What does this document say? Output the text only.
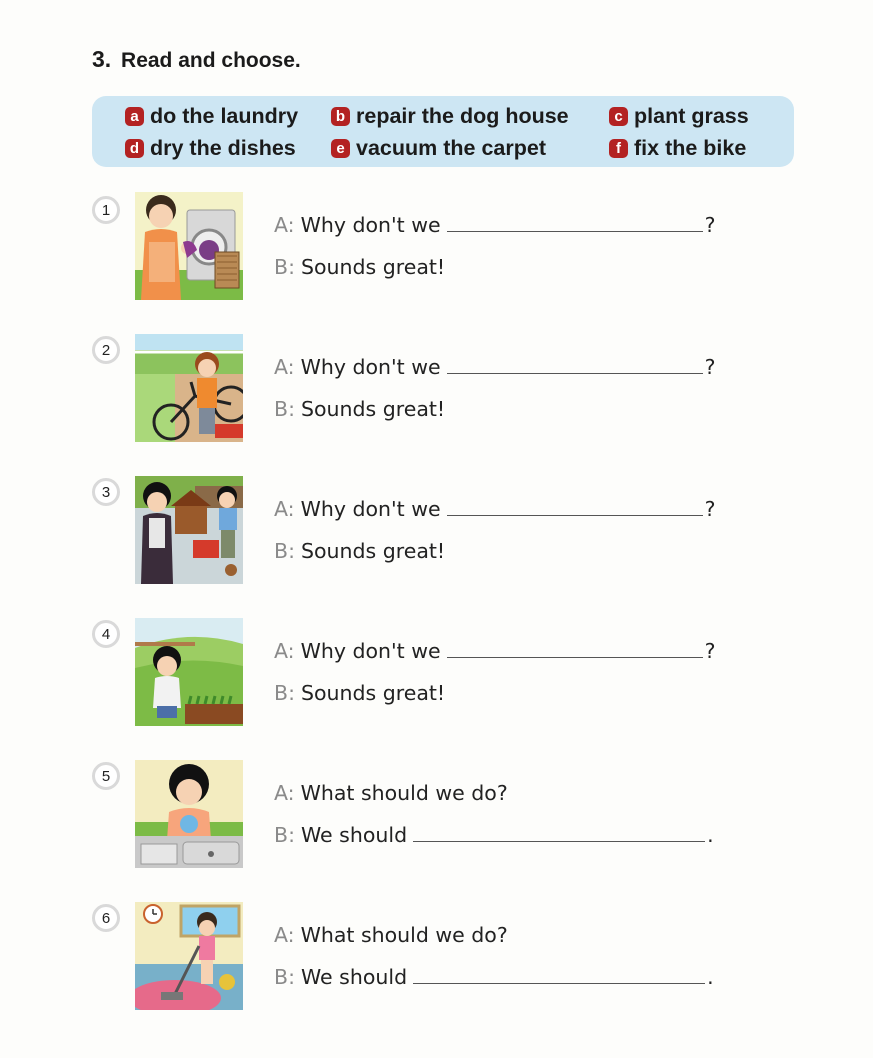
3. Read and choose.
a do the laundry	b repair the dog house	c plant grass
d dry the dishes	e vacuum the carpet	f fix the bike
1
A: Why don't we	?
B: Sounds great!
2
A: Why don't we	?
B: Sounds great!
3
A: Why don't we	?
B: Sounds great!
4
A: Why don't we	?
B: Sounds great!
5
A: What should we do?
B: We should	.
6
A: What should we do?
B: We should	.
